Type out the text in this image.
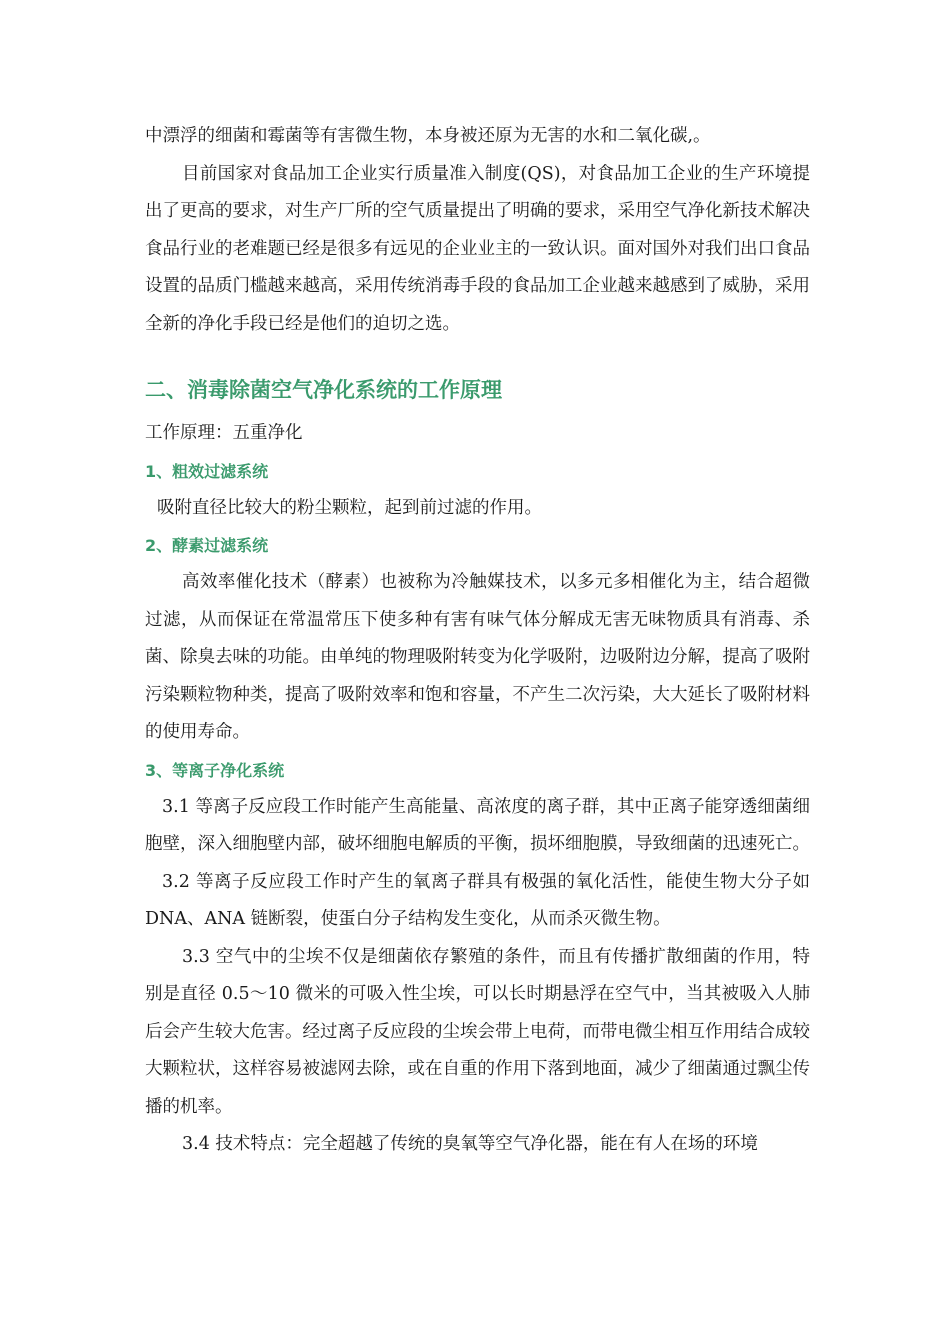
中漂浮的细菌和霉菌等有害微生物，本身被还原为无害的水和二氧化碳,。

目前国家对食品加工企业实行质量准入制度(QS)，对食品加工企业的生产环境提出了更高的要求，对生产厂所的空气质量提出了明确的要求，采用空气净化新技术解决食品行业的老难题已经是很多有远见的企业业主的一致认识。面对国外对我们出口食品设置的品质门槛越来越高，采用传统消毒手段的食品加工企业越来越感到了威胁，采用全新的净化手段已经是他们的迫切之选。

二、消毒除菌空气净化系统的工作原理

工作原理：五重净化

1、粗效过滤系统

吸附直径比较大的粉尘颗粒，起到前过滤的作用。

2、酵素过滤系统

高效率催化技术（酵素）也被称为冷触媒技术，以多元多相催化为主，结合超微过滤，从而保证在常温常压下使多种有害有味气体分解成无害无味物质具有消毒、杀菌、除臭去味的功能。由单纯的物理吸附转变为化学吸附，边吸附边分解，提高了吸附污染颗粒物种类，提高了吸附效率和饱和容量，不产生二次污染，大大延长了吸附材料的使用寿命。

3、等离子净化系统

3.1 等离子反应段工作时能产生高能量、高浓度的离子群，其中正离子能穿透细菌细胞壁，深入细胞壁内部，破坏细胞电解质的平衡，损坏细胞膜，导致细菌的迅速死亡。

3.2 等离子反应段工作时产生的氧离子群具有极强的氧化活性，能使生物大分子如 DNA、ANA 链断裂，使蛋白分子结构发生变化，从而杀灭微生物。

3.3 空气中的尘埃不仅是细菌依存繁殖的条件，而且有传播扩散细菌的作用，特别是直径 0.5～10 微米的可吸入性尘埃，可以长时期悬浮在空气中，当其被吸入人肺后会产生较大危害。经过离子反应段的尘埃会带上电荷，而带电微尘相互作用结合成较大颗粒状，这样容易被滤网去除，或在自重的作用下落到地面，减少了细菌通过飘尘传播的机率。

3.4 技术特点：完全超越了传统的臭氧等空气净化器，能在有人在场的环境
